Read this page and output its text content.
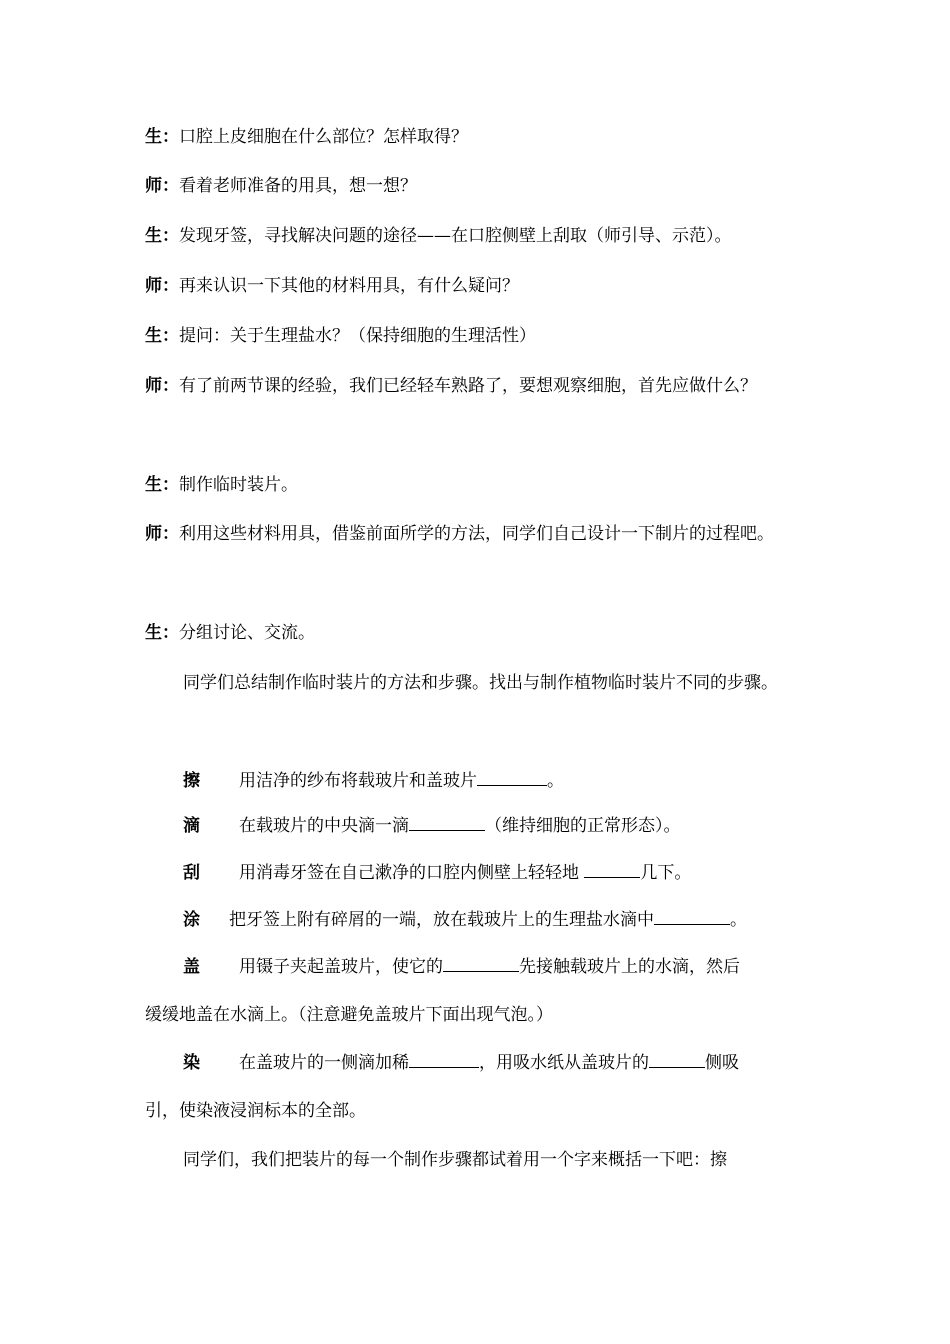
生：口腔上皮细胞在什么部位？怎样取得？

师：看着老师准备的用具，想一想？

生：发现牙签，寻找解决问题的途径——在口腔侧壁上刮取（师引导、示范）。

师：再来认识一下其他的材料用具，有什么疑问？

生：提问：关于生理盐水？（保持细胞的生理活性）

师：有了前两节课的经验，我们已经轻车熟路了，要想观察细胞，首先应做什么？

生：制作临时装片。

师：利用这些材料用具，借鉴前面所学的方法，同学们自己设计一下制片的过程吧。

生：分组讨论、交流。

同学们总结制作临时装片的方法和步骤。找出与制作植物临时装片不同的步骤。

擦 用洁净的纱布将载玻片和盖玻片	。

滴 在载玻片的中央滴一滴	（维持细胞的正常形态）。

刮 用消毒牙签在自己漱净的口腔内侧壁上轻轻地	几下。

涂 把牙签上附有碎屑的一端，放在载玻片上的生理盐水滴中	。

盖 用镊子夹起盖玻片，使它的	先接触载玻片上的水滴，然后

缓缓地盖在水滴上。（注意避免盖玻片下面出现气泡。）

染 在盖玻片的一侧滴加稀	，用吸水纸从盖玻片的	侧吸

引，使染液浸润标本的全部。

同学们，我们把装片的每一个制作步骤都试着用一个字来概括一下吧：擦
